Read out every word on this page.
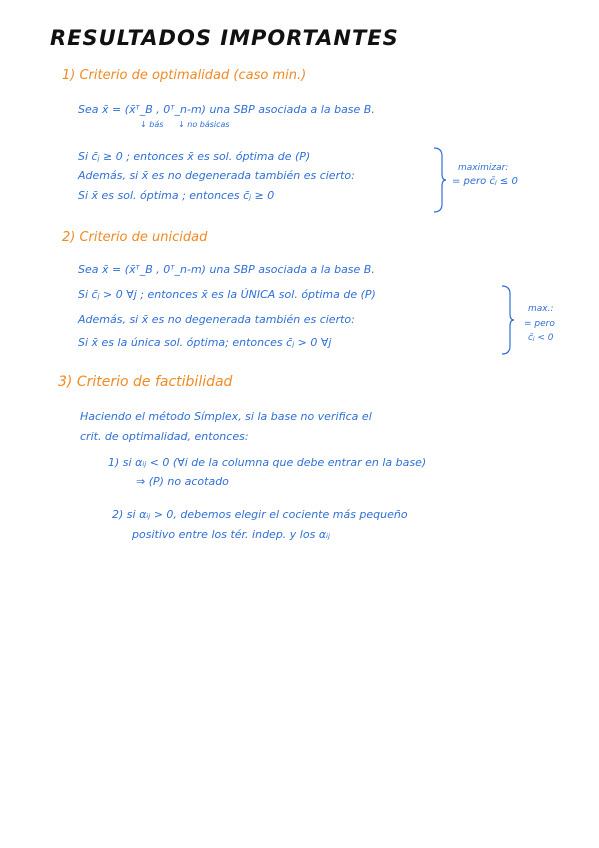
RESULTADOS IMPORTANTES
1) Criterio de optimalidad (caso min.)
Sea x̄ = (x̄ᵀ_B , 0ᵀ_n-m) una SBP asociada a la base B.
↓ bás ↓ no básicas
Si c̄ⱼ ≥ 0 ; entonces x̄ es sol. óptima de (P)
Además, si x̄ es no degenerada también es cierto:
Si x̄ es sol. óptima ; entonces c̄ⱼ ≥ 0
maximizar:
= pero c̄ⱼ ≤ 0
2) Criterio de unicidad
Sea x̄ = (x̄ᵀ_B , 0ᵀ_n-m) una SBP asociada a la base B.
Si c̄ⱼ > 0 ∀j ; entonces x̄ es la ÚNICA sol. óptima de (P)
Además, si x̄ es no degenerada también es cierto:
Si x̄ es la única sol. óptima; entonces c̄ⱼ > 0 ∀j
max.:
= pero
c̄ⱼ < 0
3) Criterio de factibilidad
Haciendo el método Símplex, si la base no verifica el
crit. de optimalidad, entonces:
1) si αᵢⱼ < 0 (∀i de la columna que debe entrar en la base)
⇒ (P) no acotado
2) si αᵢⱼ > 0, debemos elegir el cociente más pequeño
positivo entre los tér. indep. y los αᵢⱼ
